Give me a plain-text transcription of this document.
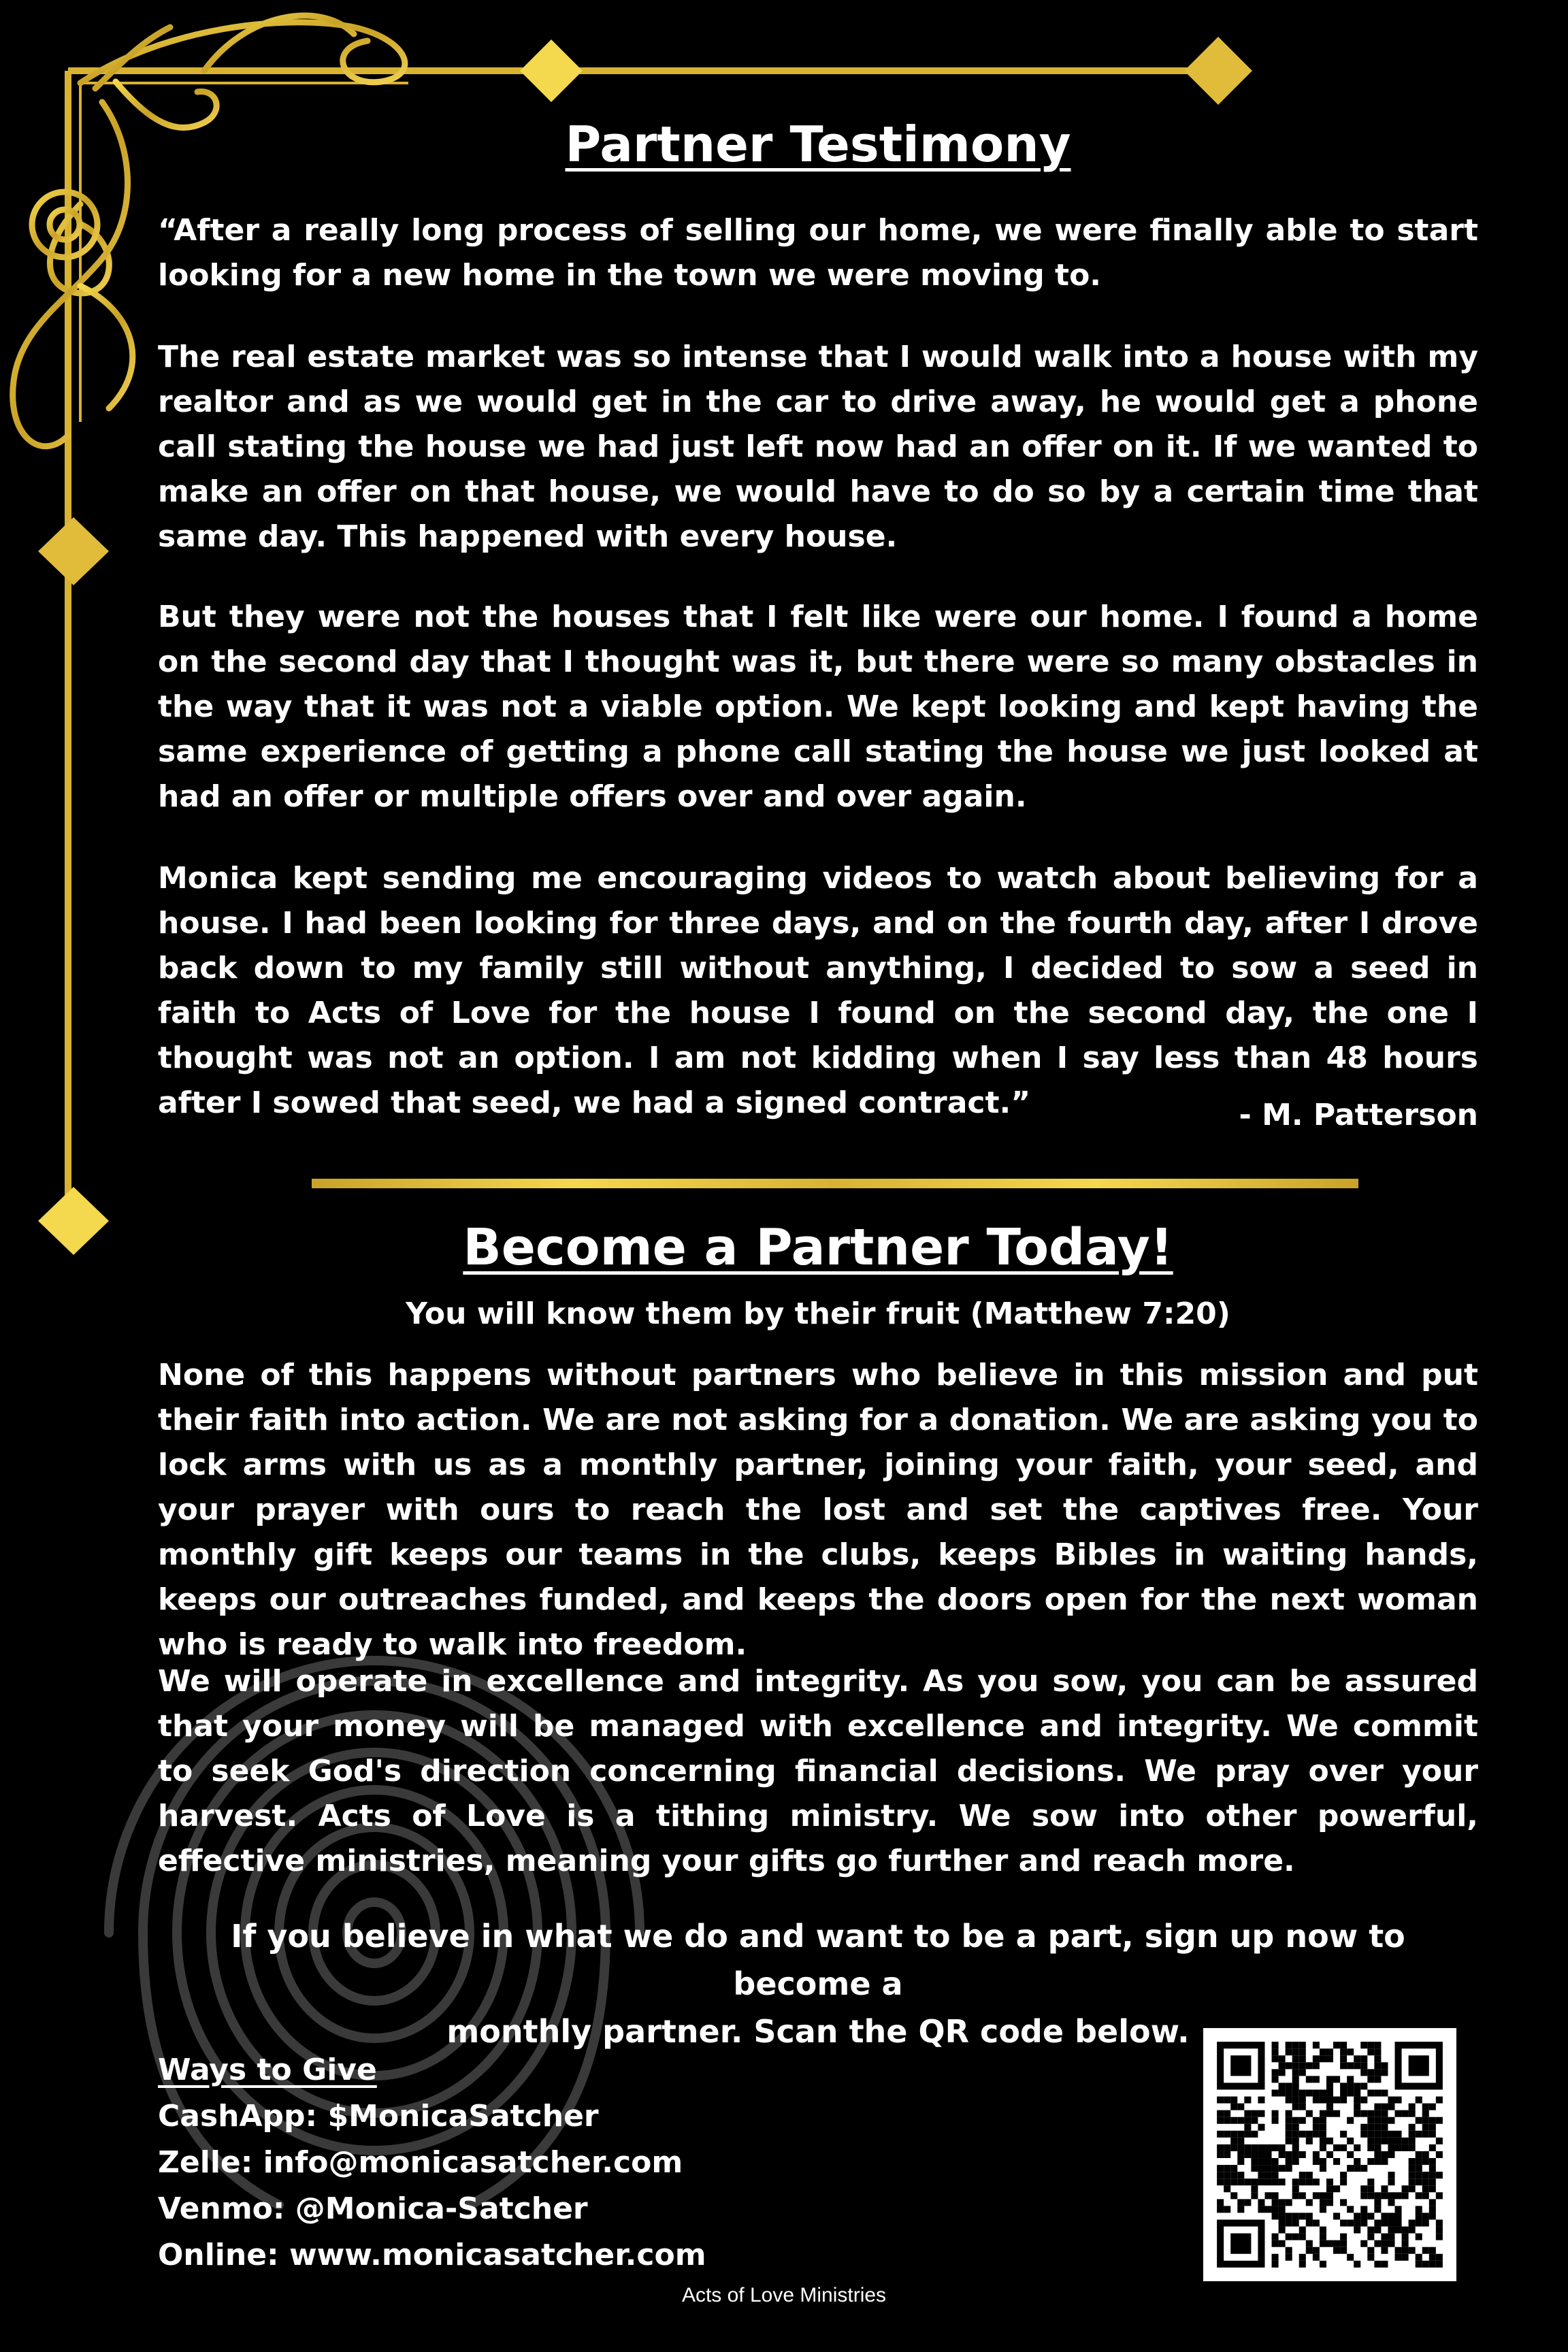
Partner Testimony

“After a really long process of selling our home, we were finally able to start looking for a new home in the town we were moving to.

The real estate market was so intense that I would walk into a house with my realtor and as we would get in the car to drive away, he would get a phone call stating the house we had just left now had an offer on it. If we wanted to make an offer on that house, we would have to do so by a certain time that same day. This happened with every house.

But they were not the houses that I felt like were our home. I found a home on the second day that I thought was it, but there were so many obstacles in the way that it was not a viable option. We kept looking and kept having the same experience of getting a phone call stating the house we just looked at had an offer or multiple offers over and over again.

Monica kept sending me encouraging videos to watch about believing for a house. I had been looking for three days, and on the fourth day, after I drove back down to my family still without anything, I decided to sow a seed in faith to Acts of Love for the house I found on the second day, the one I thought was not an option. I am not kidding when I say less than 48 hours after I sowed that seed, we had a signed contract.”	- M. Patterson
Become a Partner Today!
You will know them by their fruit (Matthew 7:20)

None of this happens without partners who believe in this mission and put their faith into action. We are not asking for a donation. We are asking you to lock arms with us as a monthly partner, joining your faith, your seed, and your prayer with ours to reach the lost and set the captives free. Your monthly gift keeps our teams in the clubs, keeps Bibles in waiting hands, keeps our outreaches funded, and keeps the doors open for the next woman who is ready to walk into freedom.

We will operate in excellence and integrity. As you sow, you can be assured that your money will be managed with excellence and integrity. We commit to seek God's direction concerning financial decisions. We pray over your harvest. Acts of Love is a tithing ministry. We sow into other powerful, effective ministries, meaning your gifts go further and reach more.

If you believe in what we do and want to be a part, sign up now to become a
monthly partner. Scan the QR code below.
Ways to Give
CashApp: $MonicaSatcher
Zelle: info@monicasatcher.com
Venmo: @Monica-Satcher
Online: www.monicasatcher.com
Acts of Love Ministries
